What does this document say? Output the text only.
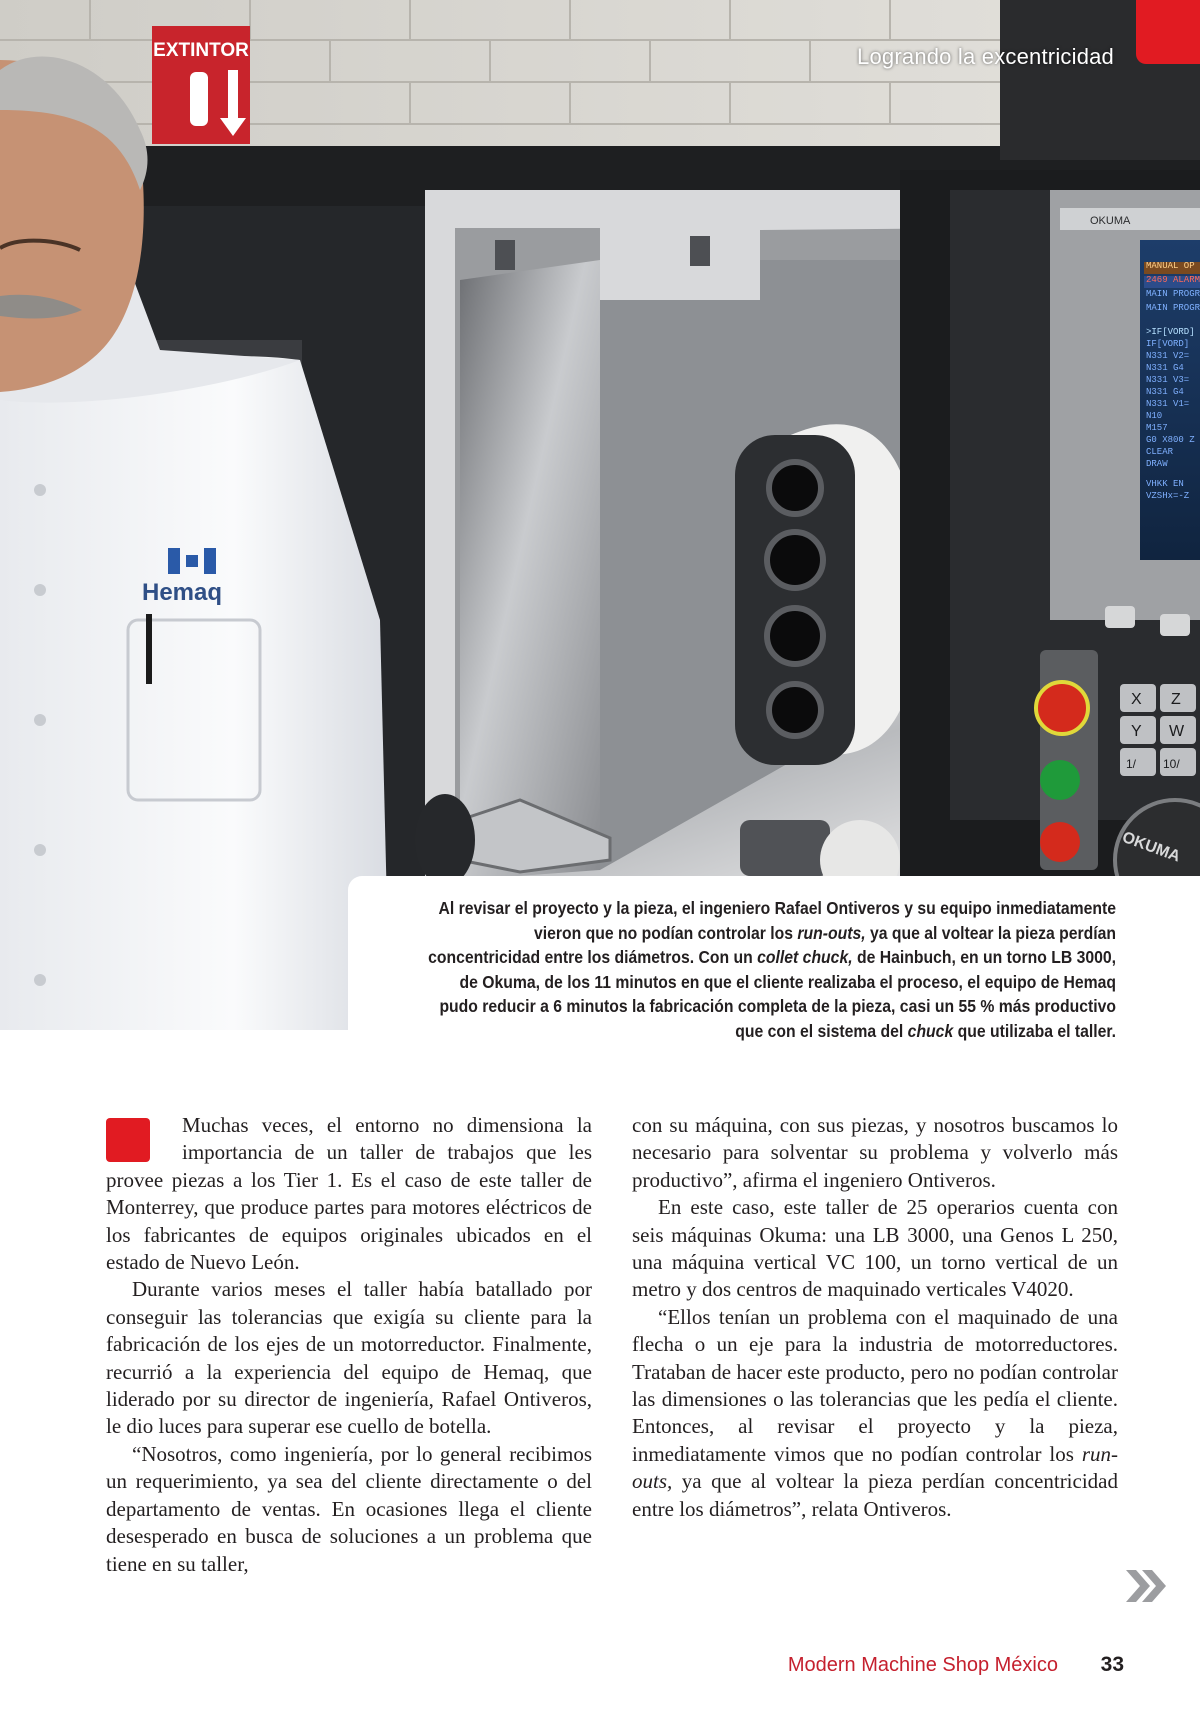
EXTINTOR
OKUMA
MANUAL OP
2469 ALARM
MAIN PROGR
MAIN PROGR
>IF[VORD]
IF[VORD]
N331 V2=
N331 G4
N331 V3=
N331 G4
N331 V1=
N10
M157
G0 X800 Z
CLEAR
DRAW
VHKK EN
VZSHx=-Z
X Z
Y W
1/ 10/
OKUMA
Hemaq
Logrando la excentricidad

Al revisar el proyecto y la pieza, el ingeniero Rafael Ontiveros y su equipo inmediatamente vieron que no podían controlar los run-outs, ya que al voltear la pieza perdían concentricidad entre los diámetros. Con un collet chuck, de Hainbuch, en un torno LB 3000, de Okuma, de los 11 minutos en que el cliente realizaba el proceso, el equipo de Hemaq pudo reducir a 6 minutos la fabricación completa de la pieza, casi un 55 % más productivo que con el sistema del chuck que utilizaba el taller.

Muchas veces, el entorno no dimensiona la importancia de un taller de trabajos que les provee piezas a los Tier 1. Es el caso de este taller de Monterrey, que produce partes para motores eléctricos de los fabricantes de equipos originales ubicados en el estado de Nuevo León.

Durante varios meses el taller había batallado por conseguir las tolerancias que exigía su cliente para la fabricación de los ejes de un motorreductor. Finalmente, recurrió a la experiencia del equipo de Hemaq, que liderado por su director de ingeniería, Rafael Ontiveros, le dio luces para superar ese cuello de botella.

“Nosotros, como ingeniería, por lo general recibimos un requerimiento, ya sea del cliente directamente o del departamento de ventas. En ocasiones llega el cliente desesperado en busca de soluciones a un problema que tiene en su taller,

con su máquina, con sus piezas, y nosotros buscamos lo necesario para solventar su problema y volverlo más productivo”, afirma el ingeniero Ontiveros.

En este caso, este taller de 25 operarios cuenta con seis máquinas Okuma: una LB 3000, una Genos L 250, una máquina vertical VC 100, un torno vertical de un metro y dos centros de maquinado verticales V4020.

“Ellos tenían un problema con el maquinado de una flecha o un eje para la industria de motorreductores. Trataban de hacer este producto, pero no podían controlar las dimensiones o las tolerancias que les pedía el cliente. Entonces, al revisar el proyecto y la pieza, inmediatamente vimos que no podían controlar los run-outs, ya que al voltear la pieza perdían concentricidad entre los diámetros”, relata Ontiveros.

Modern Machine Shop México 33
